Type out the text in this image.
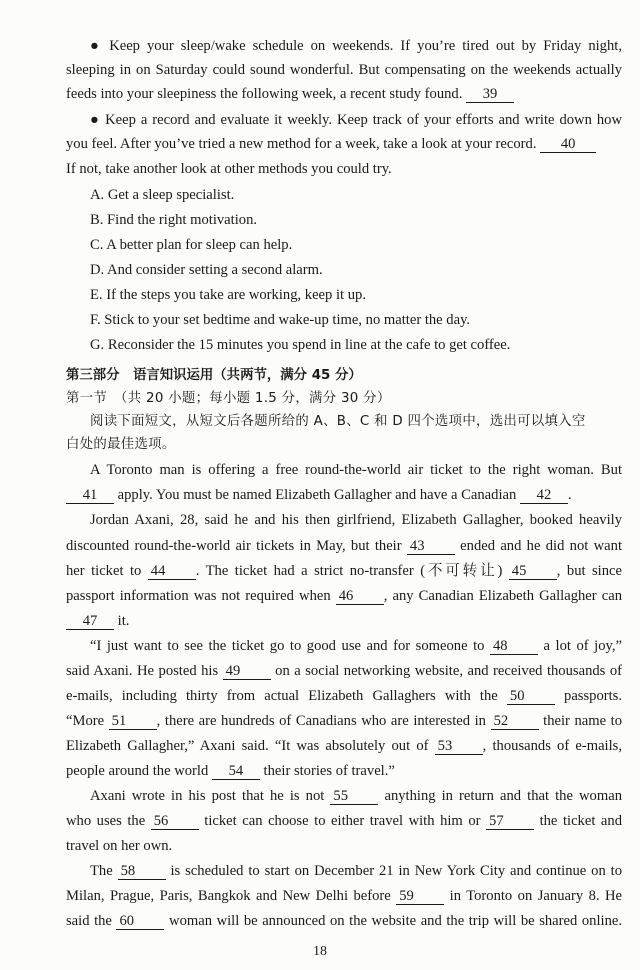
● Keep your sleep/wake schedule on weekends. If you’re tired out by Friday night,
sleeping in on Saturday could sound wonderful. But compensating on the weekends actually
feeds into your sleepiness the following week, a recent study found. 39
● Keep a record and evaluate it weekly. Keep track of your efforts and write down how
you feel. After you’ve tried a new method for a week, take a look at your record. 40
If not, take another look at other methods you could try.
A. Get a sleep specialist.
B. Find the right motivation.
C. A better plan for sleep can help.
D. And consider setting a second alarm.
E. If the steps you take are working, keep it up.
F. Stick to your set bedtime and wake-up time, no matter the day.
G. Reconsider the 15 minutes you spend in line at the cafe to get coffee.
第三部分　语言知识运用（共两节，满分 45 分）
第一节　（共 20 小题；每小题 1.5 分，满分 30 分）
阅读下面短文，从短文后各题所给的 A、B、C 和 D 四个选项中，选出可以填入空
白处的最佳选项。
A Toronto man is offering a free round-the-world air ticket to the right woman. But
41 apply. You must be named Elizabeth Gallagher and have a Canadian 42 .
Jordan Axani, 28, said he and his then girlfriend, Elizabeth Gallagher, booked heavily
discounted round-the-world air tickets in May, but their 43 ended and he did not want
her ticket to 44 . The ticket had a strict no-transfer (不可转让) 45 , but since
passport information was not required when 46 , any Canadian Elizabeth Gallagher can
47 it.
“I just want to see the ticket go to good use and for someone to 48 a lot of joy,”
said Axani. He posted his 49 on a social networking website, and received thousands of
e-mails, including thirty from actual Elizabeth Gallaghers with the 50 passports.
“More 51 , there are hundreds of Canadians who are interested in 52 their name to
Elizabeth Gallagher,” Axani said. “It was absolutely out of 53 , thousands of e-mails,
people around the world 54 their stories of travel.”
Axani wrote in his post that he is not 55 anything in return and that the woman
who uses the 56 ticket can choose to either travel with him or 57 the ticket and
travel on her own.
The 58 is scheduled to start on December 21 in New York City and continue on to
Milan, Prague, Paris, Bangkok and New Delhi before 59 in Toronto on January 8. He
said the 60 woman will be announced on the website and the trip will be shared online.
18
